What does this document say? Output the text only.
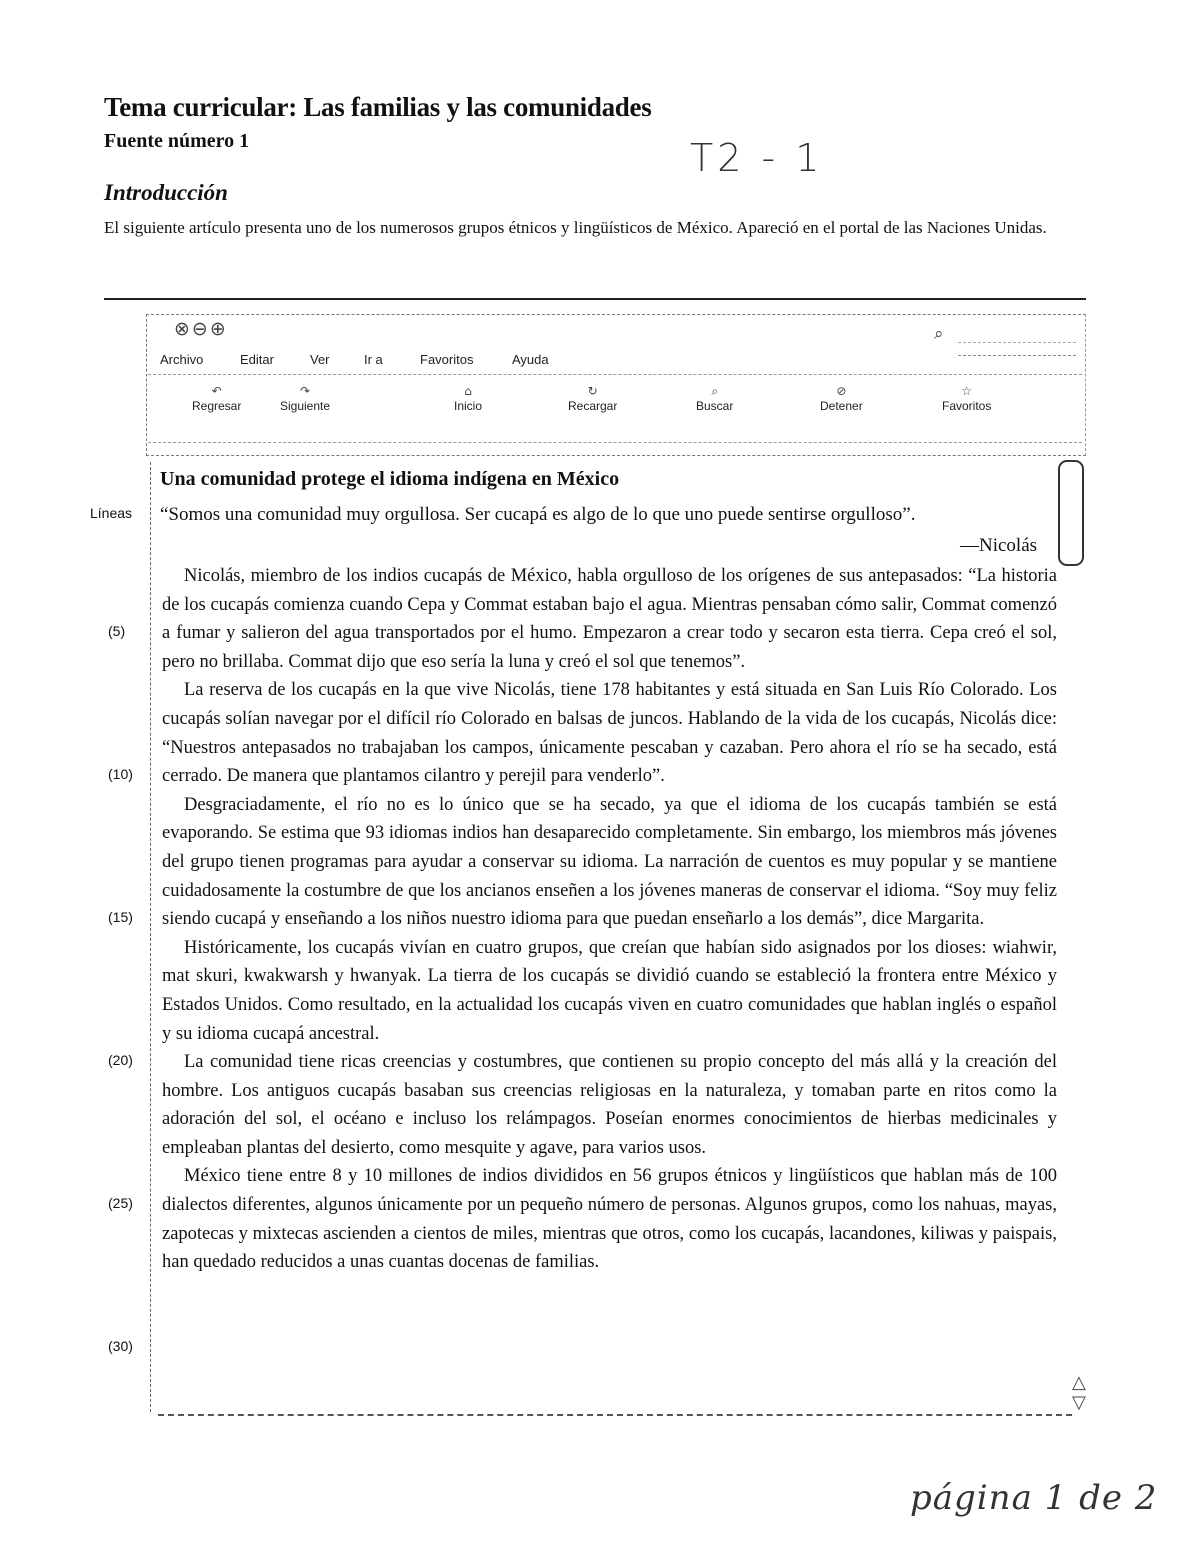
Tema curricular: Las familias y las comunidades
Fuente número 1	T2 - 1
Introducción
El siguiente artículo presenta uno de los numerosos grupos étnicos y lingüísticos de México. Apareció en el portal de las Naciones Unidas.
⊗⊖⊕	⌕
Archivo	Editar	Ver	Ir a	Favoritos	Ayuda
↶
Regresar
↷
Siguiente
⌂
Inicio
↻
Recargar
⌕
Buscar
⊘
Detener
☆
Favoritos
Líneas
Una comunidad protege el idioma indígena en México
“Somos una comunidad muy orgullosa. Ser cucapá es algo de lo que uno puede sentirse orgulloso”.
—Nicolás
(5)
(10)
(15)
(20)
(25)
(30)

Nicolás, miembro de los indios cucapás de México, habla orgulloso de los orígenes de sus antepasados: “La historia de los cucapás comienza cuando Cepa y Commat estaban bajo el agua. Mientras pensaban cómo salir, Commat comenzó a fumar y salieron del agua transportados por el humo. Empezaron a crear todo y secaron esta tierra. Cepa creó el sol, pero no brillaba. Commat dijo que eso sería la luna y creó el sol que tenemos”.

La reserva de los cucapás en la que vive Nicolás, tiene 178 habitantes y está situada en San Luis Río Colorado. Los cucapás solían navegar por el difícil río Colorado en balsas de juncos. Hablando de la vida de los cucapás, Nicolás dice: “Nuestros antepasados no trabajaban los campos, únicamente pescaban y cazaban. Pero ahora el río se ha secado, está cerrado. De manera que plantamos cilantro y perejil para venderlo”.

Desgraciadamente, el río no es lo único que se ha secado, ya que el idioma de los cucapás también se está evaporando. Se estima que 93 idiomas indios han desaparecido completamente. Sin embargo, los miembros más jóvenes del grupo tienen programas para ayudar a conservar su idioma. La narración de cuentos es muy popular y se mantiene cuidadosamente la costumbre de que los ancianos enseñen a los jóvenes maneras de conservar el idioma. “Soy muy feliz siendo cucapá y enseñando a los niños nuestro idioma para que puedan enseñarlo a los demás”, dice Margarita.

Históricamente, los cucapás vivían en cuatro grupos, que creían que habían sido asignados por los dioses: wiahwir, mat skuri, kwakwarsh y hwanyak. La tierra de los cucapás se dividió cuando se estableció la frontera entre México y Estados Unidos. Como resultado, en la actualidad los cucapás viven en cuatro comunidades que hablan inglés o español y su idioma cucapá ancestral.

La comunidad tiene ricas creencias y costumbres, que contienen su propio concepto del más allá y la creación del hombre. Los antiguos cucapás basaban sus creencias religiosas en la naturaleza, y tomaban parte en ritos como la adoración del sol, el océano e incluso los relámpagos. Poseían enormes conocimientos de hierbas medicinales y empleaban plantas del desierto, como mesquite y agave, para varios usos.

México tiene entre 8 y 10 millones de indios divididos en 56 grupos étnicos y lingüísticos que hablan más de 100 dialectos diferentes, algunos únicamente por un pequeño número de personas. Algunos grupos, como los nahuas, mayas, zapotecas y mixtecas ascienden a cientos de miles, mientras que otros, como los cucapás, lacandones, kiliwas y paispais, han quedado reducidos a unas cuantas docenas de familias.

△
▽
página 1 de 2
